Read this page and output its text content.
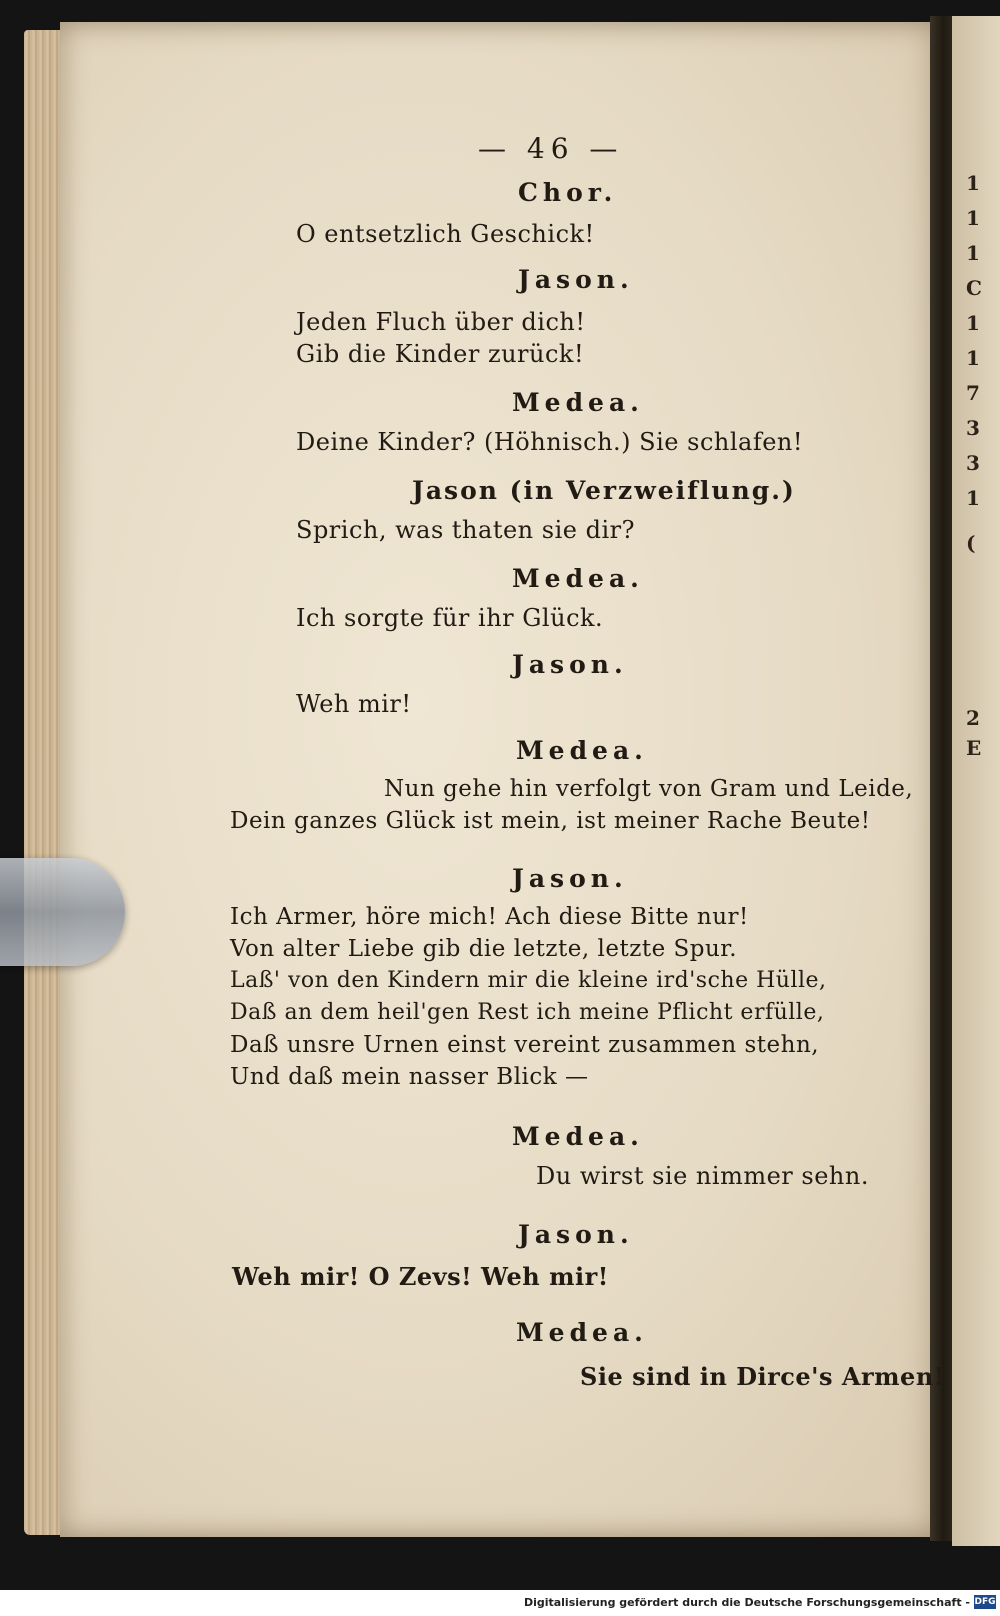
1
1
1
C
1
1
7
3
3
1
(
2
E
— 46 —
Chor.
O entsetzlich Geschick!
Jason.
Jeden Fluch über dich!
Gib die Kinder zurück!
Medea.
Deine Kinder? (Höhnisch.) Sie schlafen!
Jason (in Verzweiflung.)
Sprich, was thaten sie dir?
Medea.
Ich sorgte für ihr Glück.
Jason.
Weh mir!
Medea.
Nun gehe hin verfolgt von Gram und Leide,
Dein ganzes Glück ist mein, ist meiner Rache Beute!
Jason.
Ich Armer, höre mich! Ach diese Bitte nur!
Von alter Liebe gib die letzte, letzte Spur.
Laß' von den Kindern mir die kleine ird'sche Hülle,
Daß an dem heil'gen Rest ich meine Pflicht erfülle,
Daß unsre Urnen einst vereint zusammen stehn,
Und daß mein nasser Blick —
Medea.
Du wirst sie nimmer sehn.
Jason.
Weh mir! O Zevs! Weh mir!
Medea.
Sie sind in Dirce's Armen!
Digitalisierung gefördert durch die Deutsche Forschungsgemeinschaft - DFG
